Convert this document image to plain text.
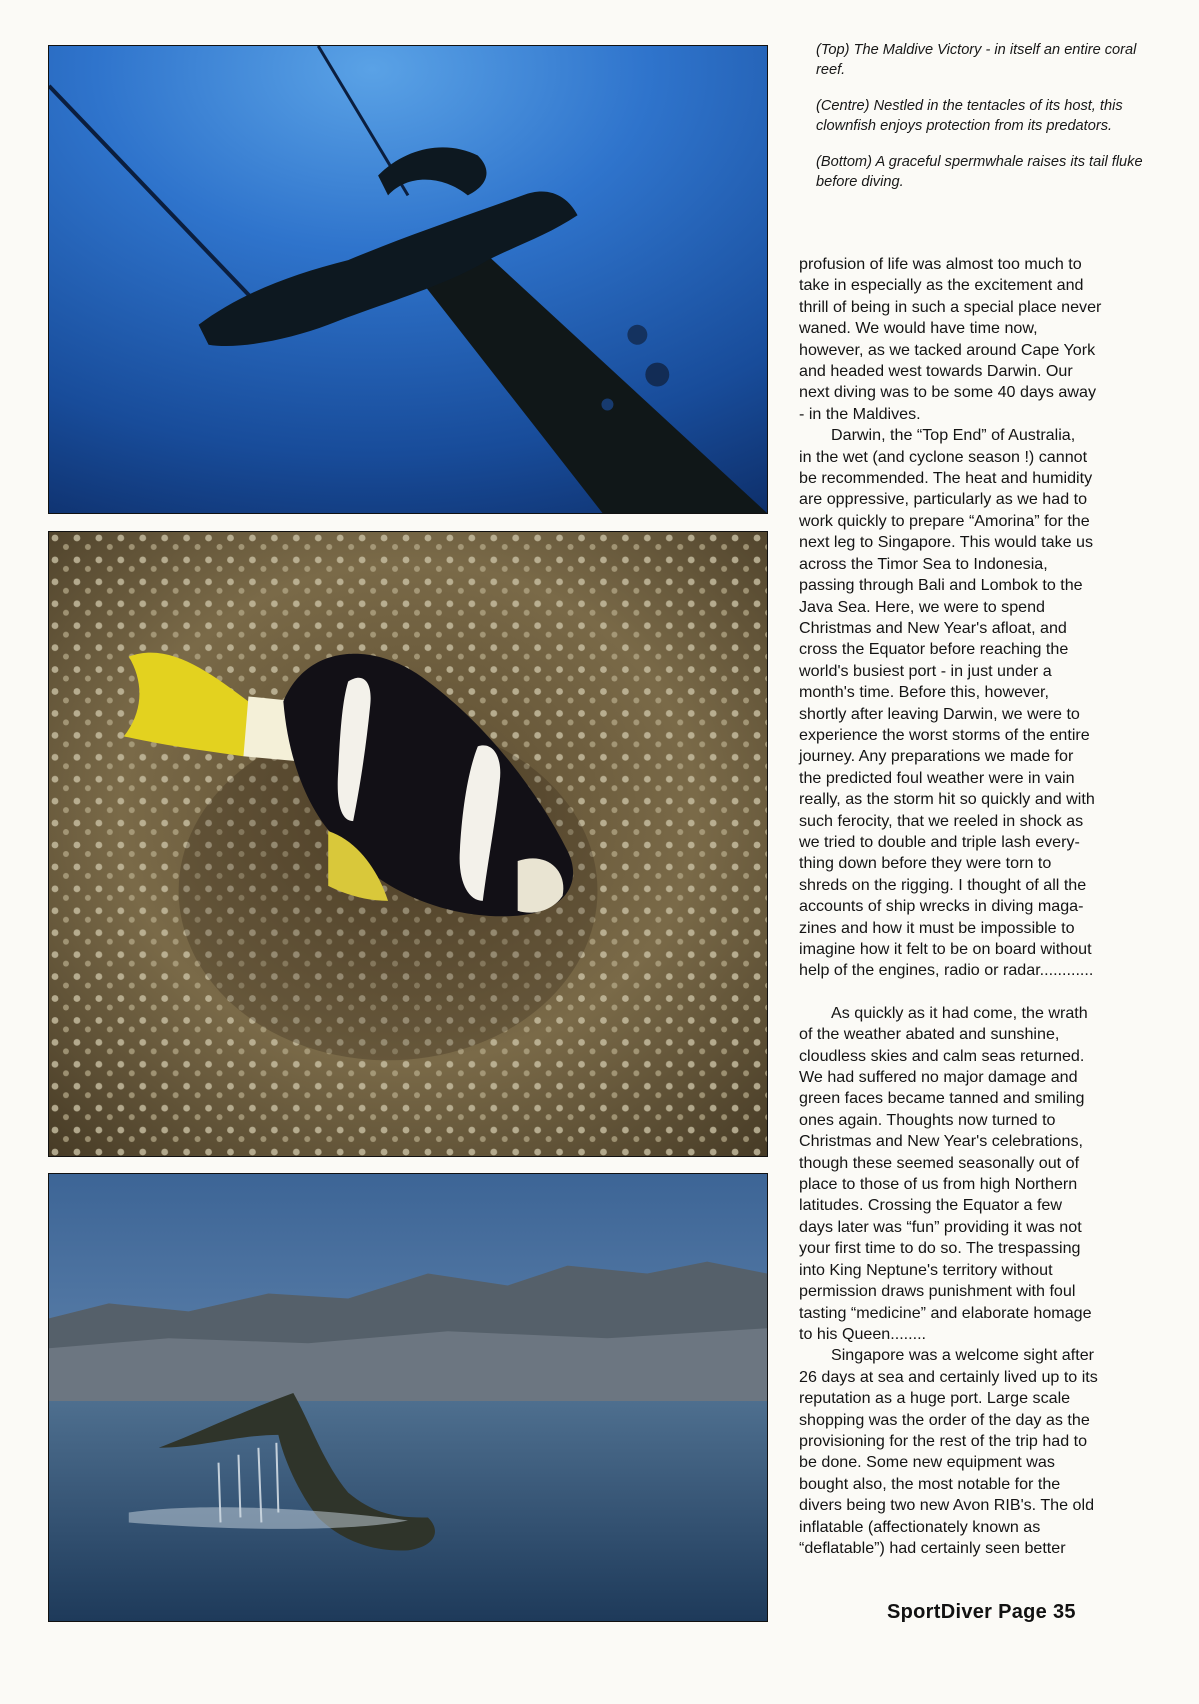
(Top) The Maldive Victory - in itself an entire coral reef.

(Centre) Nestled in the tentacles of its host, this clownfish enjoys protection from its predators.

(Bottom) A graceful spermwhale raises its tail fluke before diving.

profusion of life was almost too much to
take in especially as the excitement and
thrill of being in such a special place never
waned. We would have time now,
however, as we tacked around Cape York
and headed west towards Darwin. Our
next diving was to be some 40 days away
- in the Maldives.

Darwin, the “Top End” of Australia,
in the wet (and cyclone season !) cannot
be recommended. The heat and humidity
are oppressive, particularly as we had to
work quickly to prepare “Amorina” for the
next leg to Singapore. This would take us
across the Timor Sea to Indonesia,
passing through Bali and Lombok to the
Java Sea. Here, we were to spend
Christmas and New Year's afloat, and
cross the Equator before reaching the
world's busiest port - in just under a
month's time. Before this, however,
shortly after leaving Darwin, we were to
experience the worst storms of the entire
journey. Any preparations we made for
the predicted foul weather were in vain
really, as the storm hit so quickly and with
such ferocity, that we reeled in shock as
we tried to double and triple lash every-
thing down before they were torn to
shreds on the rigging. I thought of all the
accounts of ship wrecks in diving maga-
zines and how it must be impossible to
imagine how it felt to be on board without
help of the engines, radio or radar............

As quickly as it had come, the wrath
of the weather abated and sunshine,
cloudless skies and calm seas returned.
We had suffered no major damage and
green faces became tanned and smiling
ones again. Thoughts now turned to
Christmas and New Year's celebrations,
though these seemed seasonally out of
place to those of us from high Northern
latitudes. Crossing the Equator a few
days later was “fun” providing it was not
your first time to do so. The trespassing
into King Neptune's territory without
permission draws punishment with foul
tasting “medicine” and elaborate homage
to his Queen........

Singapore was a welcome sight after
26 days at sea and certainly lived up to its
reputation as a huge port. Large scale
shopping was the order of the day as the
provisioning for the rest of the trip had to
be done. Some new equipment was
bought also, the most notable for the
divers being two new Avon RIB's. The old
inflatable (affectionately known as
“deflatable”) had certainly seen better

SportDiver Page 35
